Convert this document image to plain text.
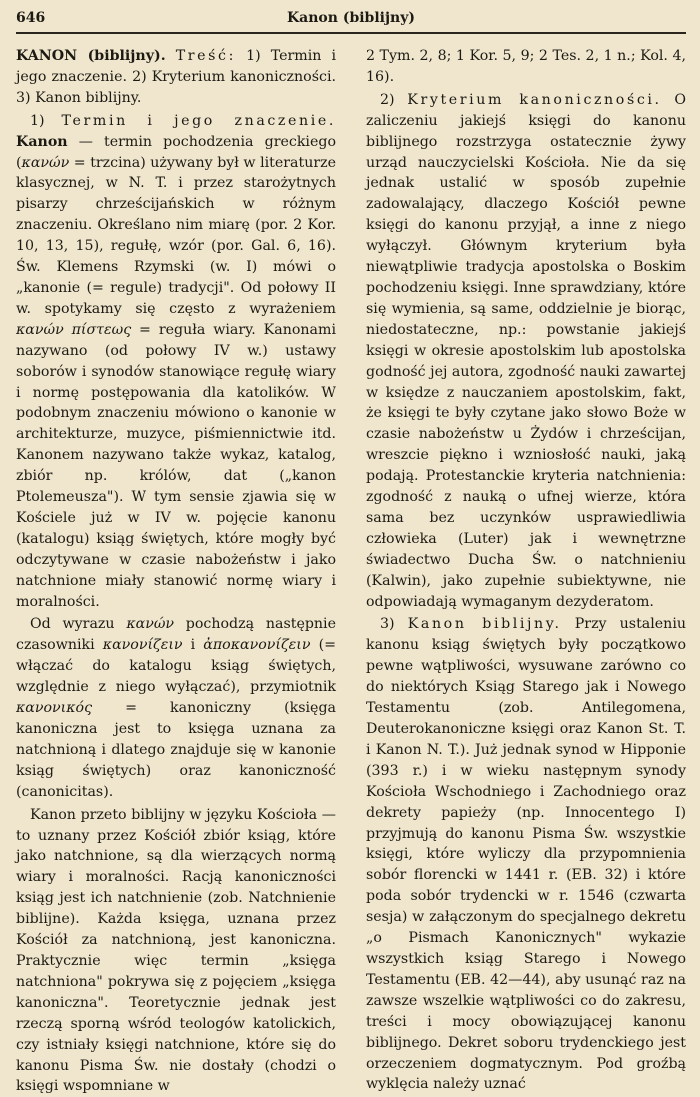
646	Kanon (biblijny)

KANON (biblijny). Treść: 1) Termin i jego znaczenie. 2) Kryterium kanoniczności. 3) Kanon biblijny.

1) Termin i jego znaczenie. Kanon — termin pochodzenia greckiego (κανών = trzcina) używany był w literaturze klasycznej, w N. T. i przez starożytnych pisarzy chrześcijańskich w różnym znaczeniu. Określano nim miarę (por. 2 Kor. 10, 13, 15), regułę, wzór (por. Gal. 6, 16). Św. Klemens Rzymski (w. I) mówi o „kanonie (= regule) tradycji". Od połowy II w. spotykamy się często z wyrażeniem κανών πίστεως = reguła wiary. Kanonami nazywano (od połowy IV w.) ustawy soborów i synodów stanowiące regułę wiary i normę postępowania dla katolików. W podobnym znaczeniu mówiono o kanonie w architekturze, muzyce, piśmiennictwie itd. Kanonem nazywano także wykaz, katalog, zbiór np. królów, dat („kanon Ptolemeusza"). W tym sensie zjawia się w Kościele już w IV w. pojęcie kanonu (katalogu) ksiąg świętych, które mogły być odczytywane w czasie nabożeństw i jako natchnione miały stanowić normę wiary i moralności.

Od wyrazu κανών pochodzą następnie czasowniki κανονίζειν i ἀποκανονίζειν (= włączać do katalogu ksiąg świętych, względnie z niego wyłączać), przymiotnik κανονικός = kanoniczny (księga kanoniczna jest to księga uznana za natchnioną i dlatego znajduje się w kanonie ksiąg świętych) oraz kanoniczność (canonicitas).

Kanon przeto biblijny w języku Kościoła — to uznany przez Kościół zbiór ksiąg, które jako natchnione, są dla wierzących normą wiary i moralności. Racją kanoniczności ksiąg jest ich natchnienie (zob. Natchnienie biblijne). Każda księga, uznana przez Kościół za natchnioną, jest kanoniczna. Praktycznie więc termin „księga natchniona" pokrywa się z pojęciem „księga kanoniczna". Teoretycznie jednak jest rzeczą sporną wśród teologów katolickich, czy istniały księgi natchnione, które się do kanonu Pisma Św. nie dostały (chodzi o księgi wspomniane w

2 Tym. 2, 8; 1 Kor. 5, 9; 2 Tes. 2, 1 n.; Kol. 4, 16).

2) Kryterium kanoniczności. O zaliczeniu jakiejś księgi do kanonu biblijnego rozstrzyga ostatecznie żywy urząd nauczycielski Kościoła. Nie da się jednak ustalić w sposób zupełnie zadowalający, dlaczego Kościół pewne księgi do kanonu przyjął, a inne z niego wyłączył. Głównym kryterium była niewątpliwie tradycja apostolska o Boskim pochodzeniu księgi. Inne sprawdziany, które się wymienia, są same, oddzielnie je biorąc, niedostateczne, np.: powstanie jakiejś księgi w okresie apostolskim lub apostolska godność jej autora, zgodność nauki zawartej w księdze z nauczaniem apostolskim, fakt, że księgi te były czytane jako słowo Boże w czasie nabożeństw u Żydów i chrześcijan, wreszcie piękno i wzniosłość nauki, jaką podają. Protestanckie kryteria natchnienia: zgodność z nauką o ufnej wierze, która sama bez uczynków usprawiedliwia człowieka (Luter) jak i wewnętrzne świadectwo Ducha Św. o natchnieniu (Kalwin), jako zupełnie subiektywne, nie odpowiadają wymaganym dezyderatom.

3) Kanon biblijny. Przy ustaleniu kanonu ksiąg świętych były początkowo pewne wątpliwości, wysuwane zarówno co do niektórych Ksiąg Starego jak i Nowego Testamentu (zob. Antilegomena, Deuterokanoniczne księgi oraz Kanon St. T. i Kanon N. T.). Już jednak synod w Hipponie (393 r.) i w wieku następnym synody Kościoła Wschodniego i Zachodniego oraz dekrety papieży (np. Innocentego I) przyjmują do kanonu Pisma Św. wszystkie księgi, które wyliczy dla przypomnienia sobór florencki w 1441 r. (EB. 32) i które poda sobór trydencki w r. 1546 (czwarta sesja) w załączonym do specjalnego dekretu „o Pismach Kanonicznych" wykazie wszystkich ksiąg Starego i Nowego Testamentu (EB. 42—44), aby usunąć raz na zawsze wszelkie wątpliwości co do zakresu, treści i mocy obowiązującej kanonu biblijnego. Dekret soboru trydenckiego jest orzeczeniem dogmatycznym. Pod groźbą wyklęcia należy uznać
